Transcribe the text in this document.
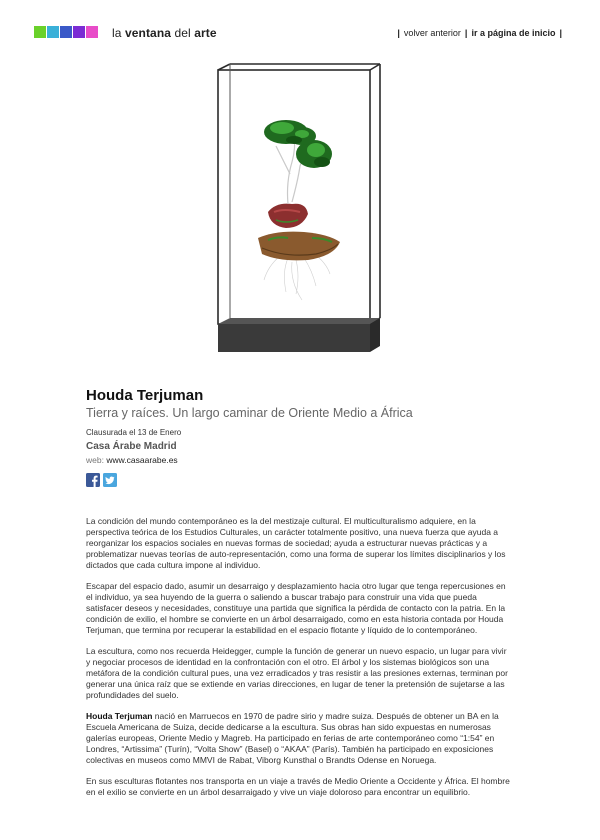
la ventana del arte	| volver anterior | ir a página de inicio |
Houda Terjuman
Tierra y raíces. Un largo caminar de Oriente Medio a África
Clausurada el 13 de Enero
Casa Árabe Madrid
web: www.casaarabe.es

La condición del mundo contemporáneo es la del mestizaje cultural. El multiculturalismo adquiere, en la perspectiva teórica de los Estudios Culturales, un carácter totalmente positivo, una nueva fuerza que ayuda a reorganizar los espacios sociales en nuevas formas de sociedad; ayuda a estructurar nuevas prácticas y a problematizar nuevas teorías de auto-representación, como una forma de superar los límites disciplinarios y los dictados que cada cultura impone al individuo.

Escapar del espacio dado, asumir un desarraigo y desplazamiento hacia otro lugar que tenga repercusiones en el individuo, ya sea huyendo de la guerra o saliendo a buscar trabajo para construir una vida que pueda satisfacer deseos y necesidades, constituye una partida que significa la pérdida de contacto con la patria. En la condición de exilio, el hombre se convierte en un árbol desarraigado, como en esta historia contada por Houda Terjuman, que termina por recuperar la estabilidad en el espacio flotante y líquido de lo contemporáneo.

La escultura, como nos recuerda Heidegger, cumple la función de generar un nuevo espacio, un lugar para vivir y negociar procesos de identidad en la confrontación con el otro. El árbol y los sistemas biológicos son una metáfora de la condición cultural pues, una vez erradicados y tras resistir a las presiones externas, terminan por generar una única raíz que se extiende en varias direcciones, en lugar de tener la pretensión de sujetarse a las profundidades del suelo.

Houda Terjuman nació en Marruecos en 1970 de padre sirio y madre suiza. Después de obtener un BA en la Escuela Americana de Suiza, decide dedicarse a la escultura. Sus obras han sido expuestas en numerosas galerías europeas, Oriente Medio y Magreb. Ha participado en ferias de arte contemporáneo como “1:54” en Londres, “Artissima” (Turín), “Volta Show” (Basel) o “AKAA” (París). También ha participado en exposiciones colectivas en museos como MMVI de Rabat, Viborg Kunsthal o Brandts Odense en Noruega.

En sus esculturas flotantes nos transporta en un viaje a través de Medio Oriente a Occidente y África. El hombre en el exilio se convierte en un árbol desarraigado y vive un viaje doloroso para encontrar un equilibrio.
